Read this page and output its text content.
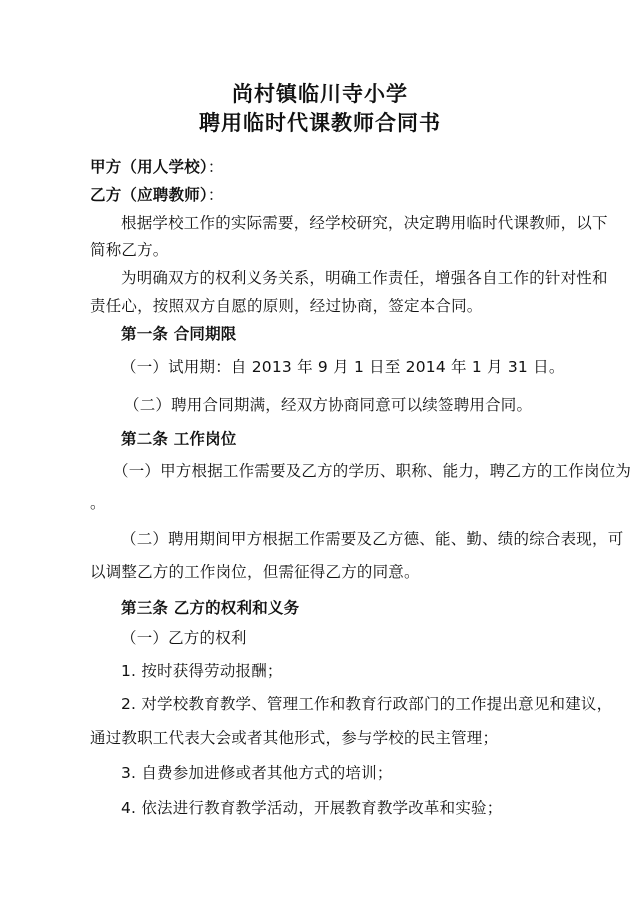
尚村镇临川寺小学
聘用临时代课教师合同书
甲方（用人学校）：
乙方（应聘教师）：
根据学校工作的实际需要，经学校研究，决定聘用临时代课教师，以下
简称乙方。
为明确双方的权利义务关系，明确工作责任，增强各自工作的针对性和
责任心，按照双方自愿的原则，经过协商，签定本合同。
第一条 合同期限
（一）试用期：自 2013 年 9 月 1 日至 2014 年 1 月 31 日。
（二）聘用合同期满，经双方协商同意可以续签聘用合同。
第二条 工作岗位
（一）甲方根据工作需要及乙方的学历、职称、能力，聘乙方的工作岗位为
。
（二）聘用期间甲方根据工作需要及乙方德、能、勤、绩的综合表现，可
以调整乙方的工作岗位，但需征得乙方的同意。
第三条 乙方的权利和义务
（一）乙方的权利
1. 按时获得劳动报酬；
2. 对学校教育教学、管理工作和教育行政部门的工作提出意见和建议，
通过教职工代表大会或者其他形式，参与学校的民主管理；
3. 自费参加进修或者其他方式的培训；
4. 依法进行教育教学活动，开展教育教学改革和实验；
